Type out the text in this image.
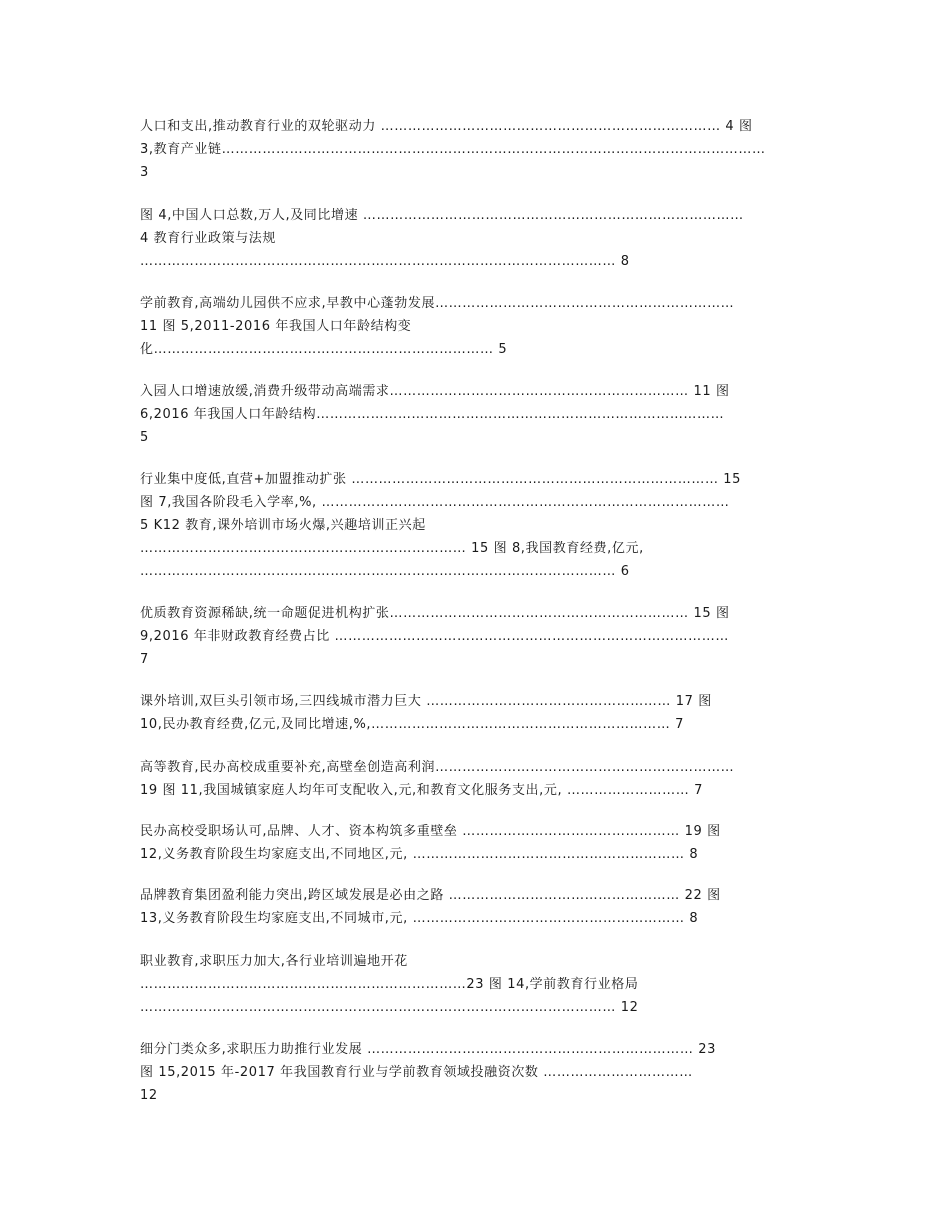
人口和支出,推动教育行业的双轮驱动力 ………………………………………………………………… 4 图
3,教育产业链…………………………………………………………………………………………………………
3
图 4,中国人口总数,万人,及同比增速 …………………………………………………………………………
4 教育行业政策与法规
…………………………………………………………………………………………… 8
学前教育,高端幼儿园供不应求,早教中心蓬勃发展…………………………………………………………
11 图 5,2011-2016 年我国人口年龄结构变
化………………………………………………………………… 5
入园人口增速放缓,消费升级带动高端需求………………………………………………………… 11 图
6,2016 年我国人口年龄结构………………………………………………………………………………
5
行业集中度低,直营+加盟推动扩张 ……………………………………………………………………… 15
图 7,我国各阶段毛入学率,%, ………………………………………………………………………………
5 K12 教育,课外培训市场火爆,兴趣培训正兴起
……………………………………………………………… 15 图 8,我国教育经费,亿元,
…………………………………………………………………………………………… 6
优质教育资源稀缺,统一命题促进机构扩张………………………………………………………… 15 图
9,2016 年非财政教育经费占比 ……………………………………………………………………………
7
课外培训,双巨头引领市场,三四线城市潜力巨大 ……………………………………………… 17 图
10,民办教育经费,亿元,及同比增速,%,………………………………………………………… 7
高等教育,民办高校成重要补充,高壁垒创造高利润…………………………………………………………
19 图 11,我国城镇家庭人均年可支配收入,元,和教育文化服务支出,元, ……………………… 7
民办高校受职场认可,品牌、人才、资本构筑多重壁垒 ………………………………………… 19 图
12,义务教育阶段生均家庭支出,不同地区,元, …………………………………………………… 8
品牌教育集团盈利能力突出,跨区域发展是必由之路 …………………………………………… 22 图
13,义务教育阶段生均家庭支出,不同城市,元, …………………………………………………… 8
职业教育,求职压力加大,各行业培训遍地开花
………………………………………………………………23 图 14,学前教育行业格局
…………………………………………………………………………………………… 12
细分门类众多,求职压力助推行业发展 ……………………………………………………………… 23
图 15,2015 年-2017 年我国教育行业与学前教育领域投融资次数 ……………………………
12
